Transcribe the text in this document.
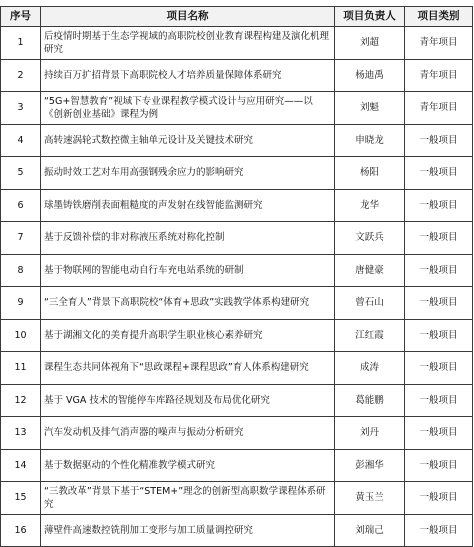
序号	项目名称	项目负责人	项目类别
1	后疫情时期基于生态学视域的高职院校创业教育课程构建及演化机理研究	刘超	青年项目
2	持续百万扩招背景下高职院校人才培养质量保障体系研究	杨迪禹	青年项目
3	“5G+智慧教育”视域下专业课程教学模式设计与应用研究——以《创新创业基础》课程为例	刘魁	青年项目
4	高转速涡轮式数控微主轴单元设计及关键技术研究	申晓龙	一般项目
5	振动时效工艺对车用高强钢残余应力的影响研究	杨阳	一般项目
6	球墨铸铁磨削表面粗糙度的声发射在线智能监测研究	龙华	一般项目
7	基于反馈补偿的非对称液压系统对称化控制	文跃兵	一般项目
8	基于物联网的智能电动自行车充电站系统的研制	唐健豪	一般项目
9	“三全育人”背景下高职院校“体育+思政”实践教学体系构建研究	曾石山	一般项目
10	基于湖湘文化的美育提升高职学生职业核心素养研究	江红霞	一般项目
11	课程生态共同体视角下“思政课程+课程思政”育人体系构建研究	成涛	一般项目
12	基于 VGA 技术的智能停车库路径规划及布局优化研究	葛能鹏	一般项目
13	汽车发动机及排气消声器的噪声与振动分析研究	刘丹	一般项目
14	基于数据驱动的个性化精准教学模式研究	彭湘华	一般项目
15	“三教改革”背景下基于“STEM+”理念的创新型高职数学课程体系研究	黄玉兰	一般项目
16	薄壁件高速数控铣削加工变形与加工质量调控研究	刘瑞己	一般项目
